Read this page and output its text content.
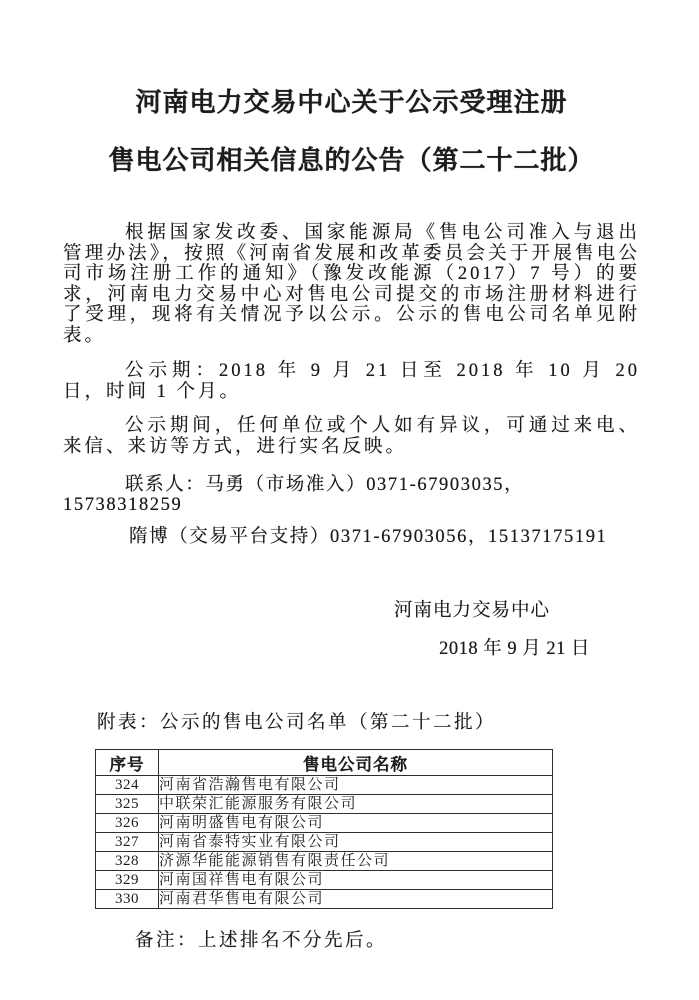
河南电力交易中心关于公示受理注册
售电公司相关信息的公告（第二十二批）

根据国家发改委、国家能源局《售电公司准入与退出管理办法》，按照《河南省发展和改革委员会关于开展售电公司市场注册工作的通知》（豫发改能源（2017）7 号）的要求，河南电力交易中心对售电公司提交的市场注册材料进行了受理，现将有关情况予以公示。公示的售电公司名单见附表。

公示期：2018 年 9 月 21 日至 2018 年 10 月 20 日，时间 1 个月。

公示期间，任何单位或个人如有异议，可通过来电、来信、来访等方式，进行实名反映。

联系人：马勇（市场准入）0371-67903035，15738318259

隋博（交易平台支持）0371-67903056，15137175191

河南电力交易中心

2018 年 9 月 21 日

附表：公示的售电公司名单（第二十二批）

序号	售电公司名称
324	河南省浩瀚售电有限公司
325	中联荣汇能源服务有限公司
326	河南明盛售电有限公司
327	河南省泰特实业有限公司
328	济源华能能源销售有限责任公司
329	河南国祥售电有限公司
330	河南君华售电有限公司

备注：上述排名不分先后。
